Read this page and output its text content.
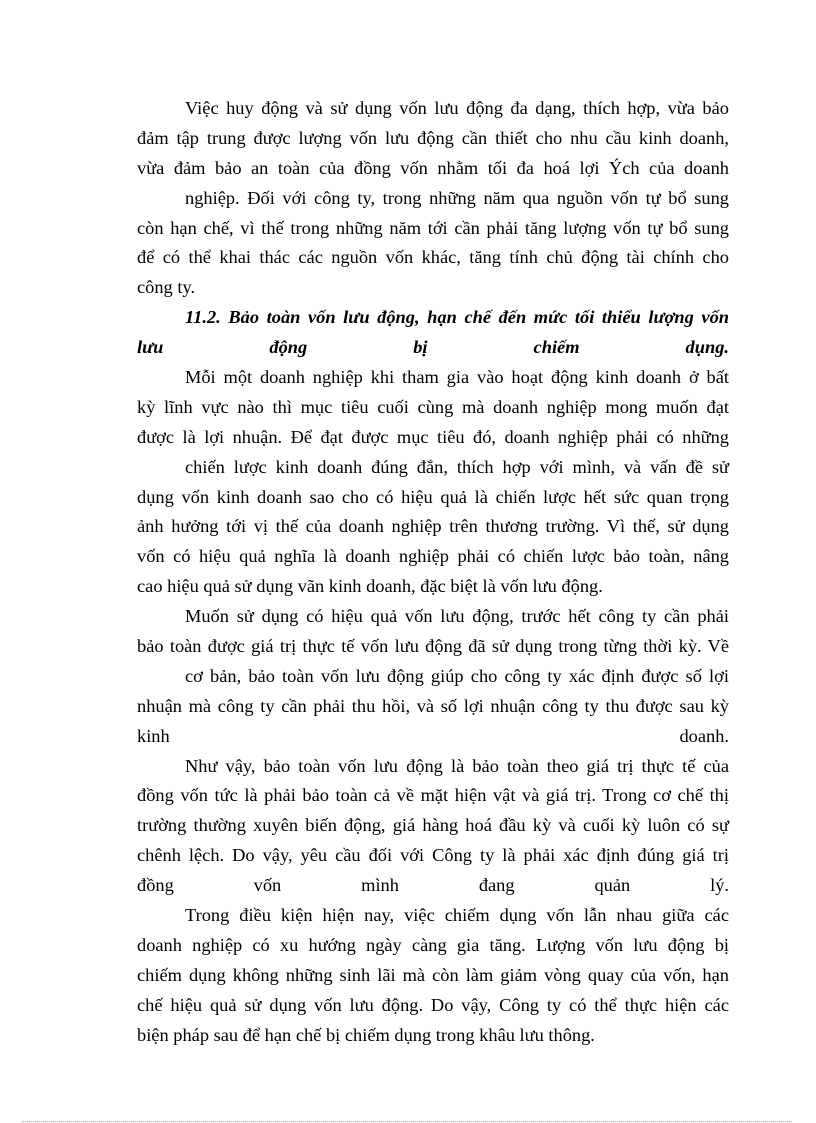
Việc huy động và sử dụng vốn lưu động đa dạng, thích hợp, vừa bảo
đảm tập trung được lượng vốn lưu động cần thiết cho nhu cầu kinh doanh,
vừa đảm bảo an toàn của đồng vốn nhằm tối đa hoá lợi Ých của doanh
nghiệp. Đối với công ty, trong những năm qua nguồn vốn tự bổ sung
còn hạn chế, vì thế trong những năm tới cần phải tăng lượng vốn tự bổ sung
để có thể khai thác các nguồn vốn khác, tăng tính chủ động tài chính cho
công ty.
11.2. Bảo toàn vốn lưu động, hạn chế đến mức tối thiểu lượng vốn
lưu động bị chiếm dụng.
Mỗi một doanh nghiệp khi tham gia vào hoạt động kinh doanh ở bất
kỳ lĩnh vực nào thì mục tiêu cuối cùng mà doanh nghiệp mong muốn đạt
được là lợi nhuận. Để đạt được mục tiêu đó, doanh nghiệp phải có những
chiến lược kinh doanh đúng đắn, thích hợp với mình, và vấn đề sử
dụng vốn kinh doanh sao cho có hiệu quả là chiến lược hết sức quan trọng
ảnh hưởng tới vị thế của doanh nghiệp trên thương trường. Vì thế, sử dụng
vốn có hiệu quả nghĩa là doanh nghiệp phải có chiến lược bảo toàn, nâng
cao hiệu quả sử dụng vãn kinh doanh, đặc biệt là vốn lưu động.
Muốn sử dụng có hiệu quả vốn lưu động, trước hết công ty cần phải
bảo toàn được giá trị thực tế vốn lưu động đã sử dụng trong từng thời kỳ. Về
cơ bản, bảo toàn vốn lưu động giúp cho công ty xác định được số lợi
nhuận mà công ty cần phải thu hồi, và số lợi nhuận công ty thu được sau kỳ
kinh doanh.
Như vậy, bảo toàn vốn lưu động là bảo toàn theo giá trị thực tế của
đồng vốn tức là phải bảo toàn cả về mặt hiện vật và giá trị. Trong cơ chế thị
trường thường xuyên biến động, giá hàng hoá đầu kỳ và cuối kỳ luôn có sự
chênh lệch. Do vậy, yêu cầu đối với Công ty là phải xác định đúng giá trị
đồng vốn mình đang quản lý.
Trong điều kiện hiện nay, việc chiếm dụng vốn lẫn nhau giữa các
doanh nghiệp có xu hướng ngày càng gia tăng. Lượng vốn lưu động bị
chiếm dụng không những sinh lãi mà còn làm giảm vòng quay của vốn, hạn
chế hiệu quả sử dụng vốn lưu động. Do vậy, Công ty có thể thực hiện các
biện pháp sau để hạn chế bị chiếm dụng trong khâu lưu thông.
